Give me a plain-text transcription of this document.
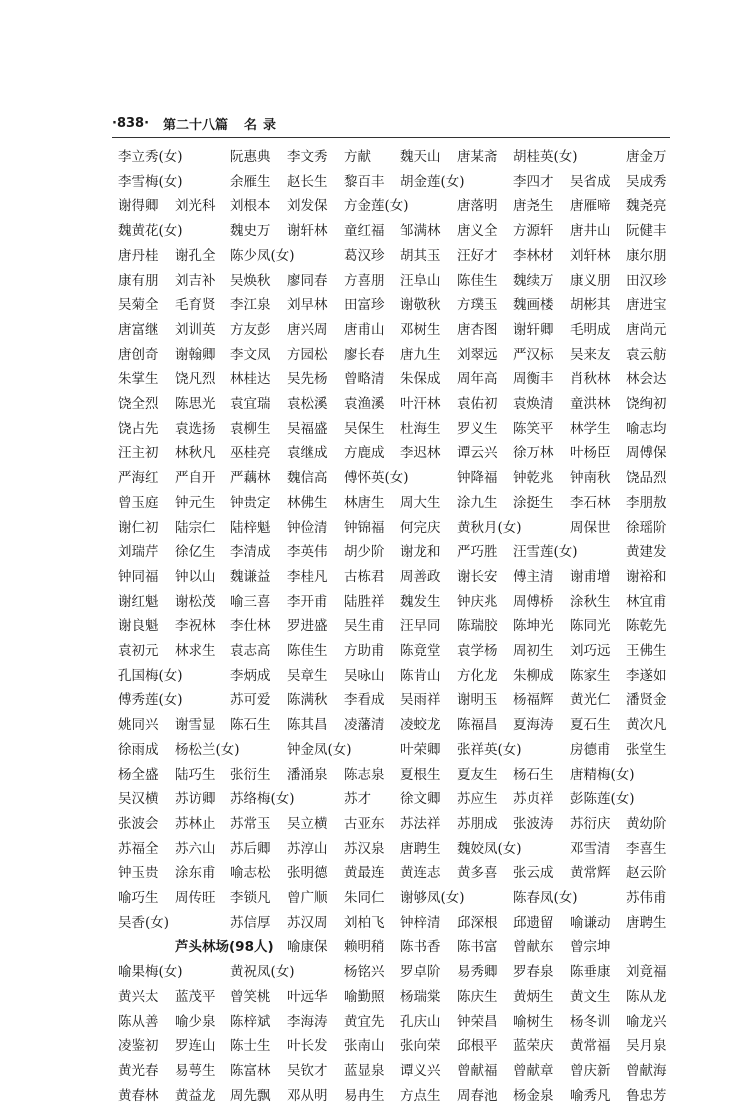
·838· 第二十八篇 名录
李立秀(女)	阮惠典 李文秀 方献 魏天山 唐某斋 胡桂英(女)	唐金万
李雪梅(女)	余雁生 赵长生 黎百丰 胡金莲(女)	李四才 吴省成 吴成秀
谢得卿 刘光科 刘根本 刘发保 方金莲(女)	唐落明 唐尧生 唐雁啼 魏尧亮
魏黄花(女)	魏史万 谢轩林 童红福 邹满林 唐义全 方源轩 唐井山 阮健丰
唐丹桂 谢孔全 陈少凤(女)	葛汉珍 胡其玉 汪好才 李林材 刘轩林 康尔朋
康有朋 刘吉补 吴焕秋 廖同春 方喜朋 汪阜山 陈佳生 魏续万 康义朋 田汉珍
吴菊全 毛育贤 李江泉 刘早林 田富珍 谢敬秋 方璞玉 魏画楼 胡彬其 唐进宝
唐富继 刘训英 方友彭 唐兴周 唐甫山 邓树生 唐杏图 谢轩卿 毛明成 唐尚元
唐创奇 谢翰卿 李文凤 方园松 廖长春 唐九生 刘翠远 严汉标 吴来友 袁云舫
朱掌生 饶凡烈 林桂达 吴先杨 曾略清 朱保成 周年高 周衡丰 肖秋林 林会达
饶全烈 陈思光 袁宜瑞 袁松溪 袁渔溪 叶汗林 袁佑初 袁焕清 童洪林 饶绚初
饶占先 袁选扬 袁柳生 吴福盛 吴保生 杜海生 罗义生 陈笑平 林学生 喻志均
汪主初 林秋凡 巫桂亮 袁继成 方鹿成 李迟林 谭云兴 徐万林 叶杨臣 周傅保
严海红 严自开 严藕林 魏信高 傅怀英(女)	钟降福 钟乾兆 钟南秋 饶品烈
曾玉庭 钟元生 钟贵定 林佛生 林唐生 周大生 涂九生 涂挺生 李石林 李朋敖
谢仁初 陆宗仁 陆梓魁 钟俭清 钟锦福 何完庆 黄秋月(女)	周保世 徐瑶阶
刘瑞芹 徐亿生 李清成 李英伟 胡少阶 谢龙和 严巧胜 汪雪莲(女)	黄建发
钟同福 钟以山 魏谦益 李桂凡 古栋君 周善政 谢长安 傅主清 谢甫增 谢裕和
谢红魁 谢松茂 喻三喜 李开甫 陆胜祥 魏发生 钟庆兆 周傅桥 涂秋生 林宜甫
谢良魁 李祝林 李仕林 罗进盛 吴生甫 汪早同 陈瑞胶 陈坤光 陈同光 陈乾先
袁初元 林求生 袁志高 陈佳生 方助甫 陈竟堂 袁学杨 周初生 刘巧远 王佛生
孔国梅(女)	李炳成 吴章生 吴咏山 陈肯山 方化龙 朱柳成 陈家生 李遂如
傅秀莲(女)	苏可爱 陈满秋 李看成 吴雨祥 谢明玉 杨福辉 黄光仁 潘贤金
姚同兴 谢雪显 陈石生 陈其昌 凌藩清 凌蛟龙 陈福昌 夏海涛 夏石生 黄次凡
徐雨成 杨松兰(女)	钟金凤(女)	叶荣卿 张祥英(女)	房德甫 张堂生
杨全盛 陆巧生 张衍生 潘涌泉 陈志泉 夏根生 夏友生 杨石生 唐精梅(女)
吴汉横 苏访卿 苏络梅(女)	苏才 徐文卿 苏应生 苏贞祥 彭陈莲(女)
张波会 苏林止 苏常玉 吴立横 古亚东 苏法祥 苏朋成 张波涛 苏衍庆 黄幼阶
苏福全 苏六山 苏后卿 苏淳山 苏汉泉 唐聘生 魏姣凤(女)	邓雪清 李喜生
钟玉贵 涂东甫 喻志松 张明德 黄最连 黄连志 黄多喜 张云成 黄常辉 赵云阶
喻巧生 周传旺 李锁凡 曾广顺 朱同仁 谢够凤(女)	陈春凤(女)	苏伟甫
吴香(女)	苏信厚 苏汉周 刘柏飞 钟梓清 邱深根 邱遗留 喻谦动 唐聘生
芦头林场(98人) 喻康保 赖明稍 陈书香 陈书富 曾献东 曾宗坤
喻果梅(女)	黄祝凤(女)	杨铭兴 罗卓阶 易秀卿 罗春泉 陈垂康 刘竟福
黄兴太 蓝茂平 曾笑桃 叶远华 喻勤照 杨瑞棠 陈庆生 黄炳生 黄文生 陈从龙
陈从善 喻少泉 陈梓斌 李海涛 黄宜先 孔庆山 钟荣昌 喻树生 杨冬训 喻龙兴
凌鉴初 罗连山 陈士生 叶长发 张南山 张向荣 邱根平 蓝荣庆 黄常福 吴月泉
黄光春 易萼生 陈富林 吴钦才 蓝显泉 谭义兴 曾献福 曾献章 曾庆新 曾献海
黄春林 黄益龙 周先飘 邓从明 易冉生 方点生 周春池 杨金泉 喻秀凡 鲁忠芳
